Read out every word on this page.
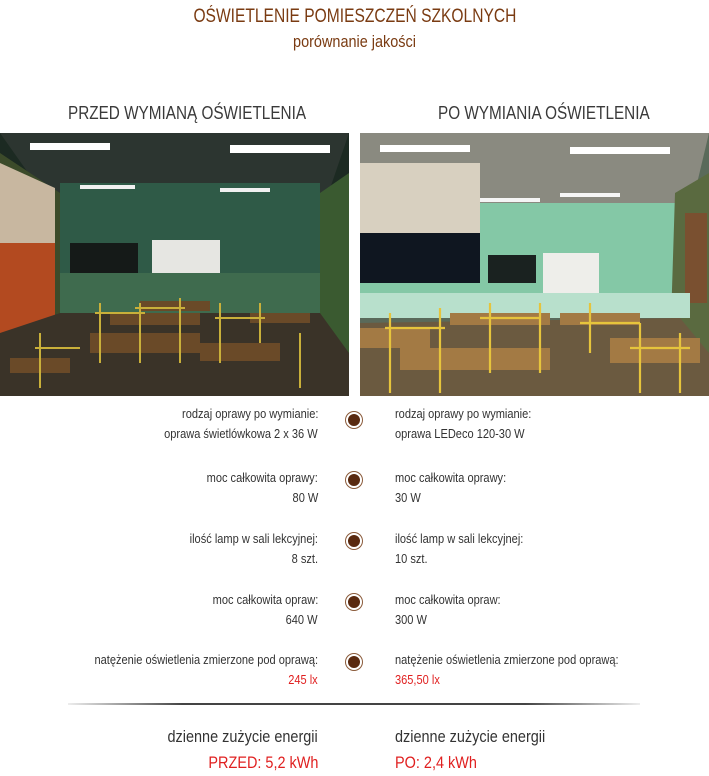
OŚWIETLENIE POMIESZCZEŃ SZKOLNYCH
porównanie jakości
PRZED WYMIANĄ OŚWIETLENIA	PO WYMIANIA OŚWIETLENIA
rodzaj oprawy po wymianie:
oprawa świetlówkowa 2 x 36 W
rodzaj oprawy po wymianie:
oprawa LEDeco 120-30 W
moc całkowita oprawy:
80 W
moc całkowita oprawy:
30 W
ilość lamp w sali lekcyjnej:
8 szt.
ilość lamp w sali lekcyjnej:
10 szt.
moc całkowita opraw:
640 W
moc całkowita opraw:
300 W
natężenie oświetlenia zmierzone pod oprawą:
245 lx
natężenie oświetlenia zmierzone pod oprawą:
365,50 lx
dzienne zużycie energii
PRZED: 5,2 kWh
dzienne zużycie energii
PO: 2,4 kWh
